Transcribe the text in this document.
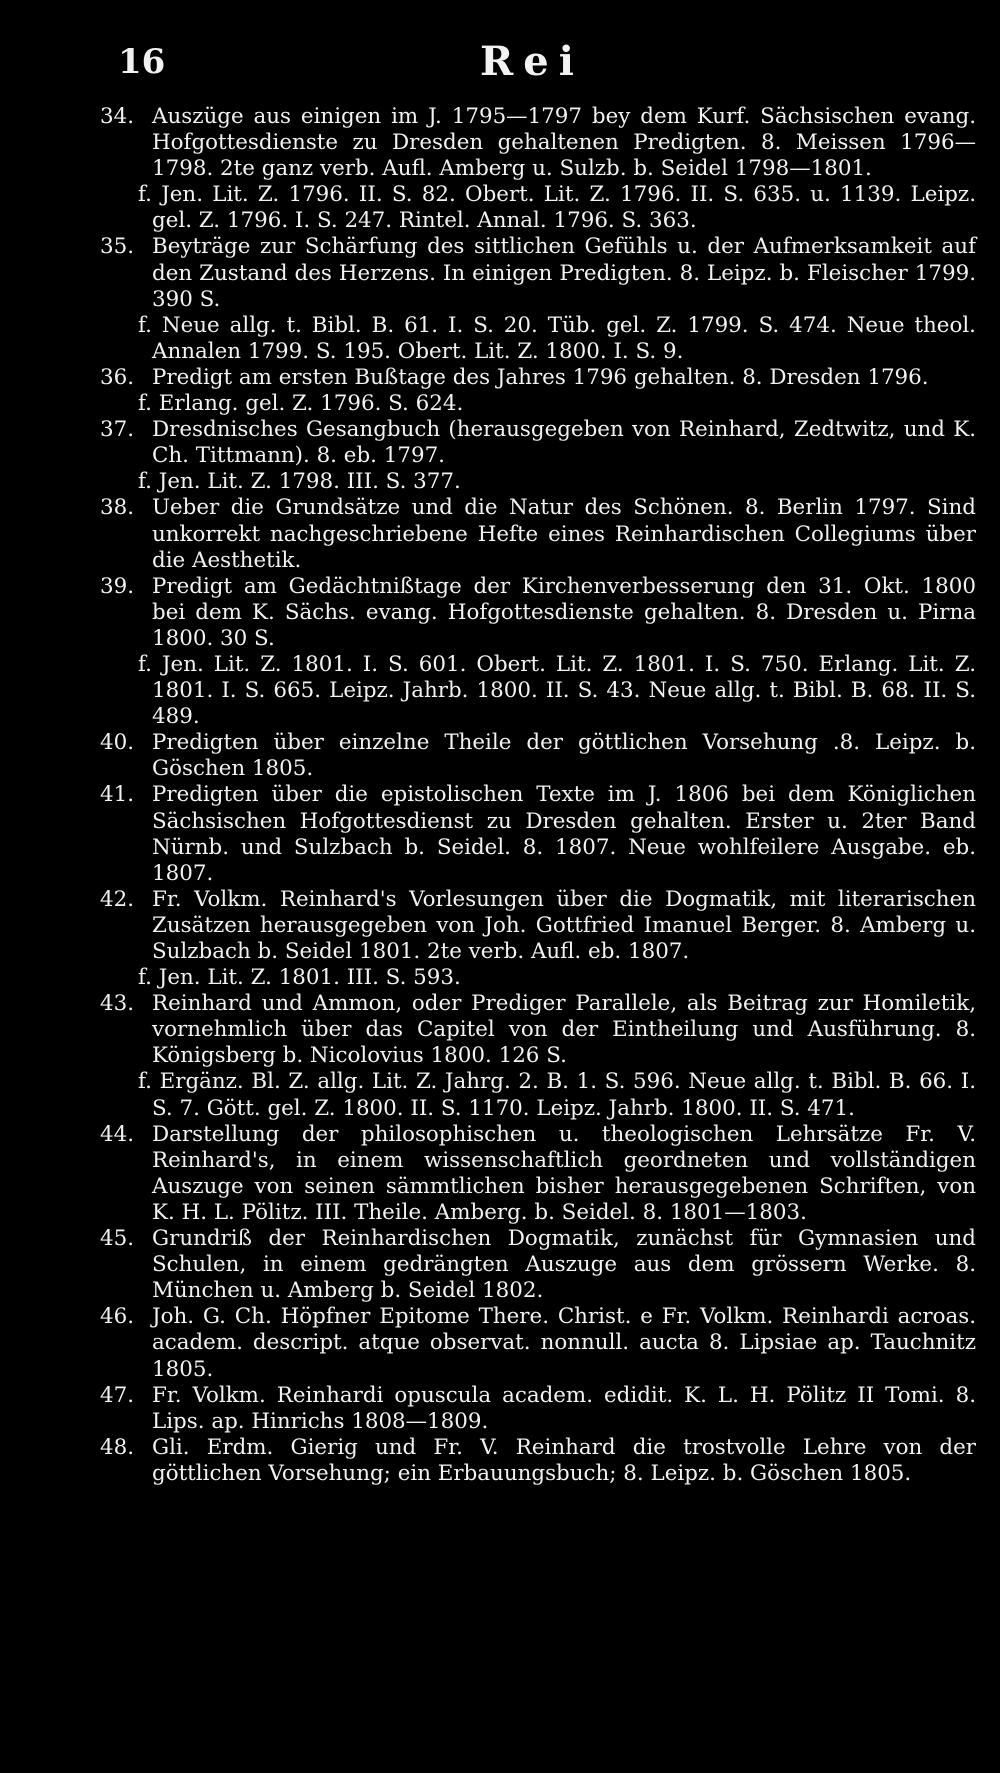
16	Rei
34. Auszüge aus einigen im J. 1795—1797 bey dem Kurf. Sächsischen evang. Hofgottesdienste zu Dresden gehaltenen Predigten. 8. Meissen 1796—1798. 2te ganz verb. Aufl. Amberg u. Sulzb. b. Seidel 1798—1801.
f. Jen. Lit. Z. 1796. II. S. 82. Obert. Lit. Z. 1796. II. S. 635. u. 1139. Leipz. gel. Z. 1796. I. S. 247. Rintel. Annal. 1796. S. 363.
35. Beyträge zur Schärfung des sittlichen Gefühls u. der Aufmerksamkeit auf den Zustand des Herzens. In einigen Predigten. 8. Leipz. b. Fleischer 1799. 390 S.
f. Neue allg. t. Bibl. B. 61. I. S. 20. Tüb. gel. Z. 1799. S. 474. Neue theol. Annalen 1799. S. 195. Obert. Lit. Z. 1800. I. S. 9.
36. Predigt am ersten Bußtage des Jahres 1796 gehalten. 8. Dresden 1796.
f. Erlang. gel. Z. 1796. S. 624.
37. Dresdnisches Gesangbuch (herausgegeben von Reinhard, Zedtwitz, und K. Ch. Tittmann). 8. eb. 1797.
f. Jen. Lit. Z. 1798. III. S. 377.
38. Ueber die Grundsätze und die Natur des Schönen. 8. Berlin 1797. Sind unkorrekt nachgeschriebene Hefte eines Reinhardischen Collegiums über die Aesthetik.
39. Predigt am Gedächtnißtage der Kirchenverbesserung den 31. Okt. 1800 bei dem K. Sächs. evang. Hofgottesdienste gehalten. 8. Dresden u. Pirna 1800. 30 S.
f. Jen. Lit. Z. 1801. I. S. 601. Obert. Lit. Z. 1801. I. S. 750. Erlang. Lit. Z. 1801. I. S. 665. Leipz. Jahrb. 1800. II. S. 43. Neue allg. t. Bibl. B. 68. II. S. 489.
40. Predigten über einzelne Theile der göttlichen Vorsehung .8. Leipz. b. Göschen 1805.
41. Predigten über die epistolischen Texte im J. 1806 bei dem Königlichen Sächsischen Hofgottesdienst zu Dresden gehalten. Erster u. 2ter Band Nürnb. und Sulzbach b. Seidel. 8. 1807. Neue wohlfeilere Ausgabe. eb. 1807.
42. Fr. Volkm. Reinhard's Vorlesungen über die Dogmatik, mit literarischen Zusätzen herausgegeben von Joh. Gottfried Imanuel Berger. 8. Amberg u. Sulzbach b. Seidel 1801. 2te verb. Aufl. eb. 1807.
f. Jen. Lit. Z. 1801. III. S. 593.
43. Reinhard und Ammon, oder Prediger Parallele, als Beitrag zur Homiletik, vornehmlich über das Capitel von der Eintheilung und Ausführung. 8. Königsberg b. Nicolovius 1800. 126 S.
f. Ergänz. Bl. Z. allg. Lit. Z. Jahrg. 2. B. 1. S. 596. Neue allg. t. Bibl. B. 66. I. S. 7. Gött. gel. Z. 1800. II. S. 1170. Leipz. Jahrb. 1800. II. S. 471.
44. Darstellung der philosophischen u. theologischen Lehrsätze Fr. V. Reinhard's, in einem wissenschaftlich geordneten und vollständigen Auszuge von seinen sämmtlichen bisher herausgegebenen Schriften, von K. H. L. Pölitz. III. Theile. Amberg. b. Seidel. 8. 1801—1803.
45. Grundriß der Reinhardischen Dogmatik, zunächst für Gymnasien und Schulen, in einem gedrängten Auszuge aus dem grössern Werke. 8. München u. Amberg b. Seidel 1802.
46. Joh. G. Ch. Höpfner Epitome There. Christ. e Fr. Volkm. Reinhardi acroas. academ. descript. atque observat. nonnull. aucta 8. Lipsiae ap. Tauchnitz 1805.
47. Fr. Volkm. Reinhardi opuscula academ. edidit. K. L. H. Pölitz II Tomi. 8. Lips. ap. Hinrichs 1808—1809.
48. Gli. Erdm. Gierig und Fr. V. Reinhard die trostvolle Lehre von der göttlichen Vorsehung; ein Erbauungsbuch; 8. Leipz. b. Göschen 1805.
